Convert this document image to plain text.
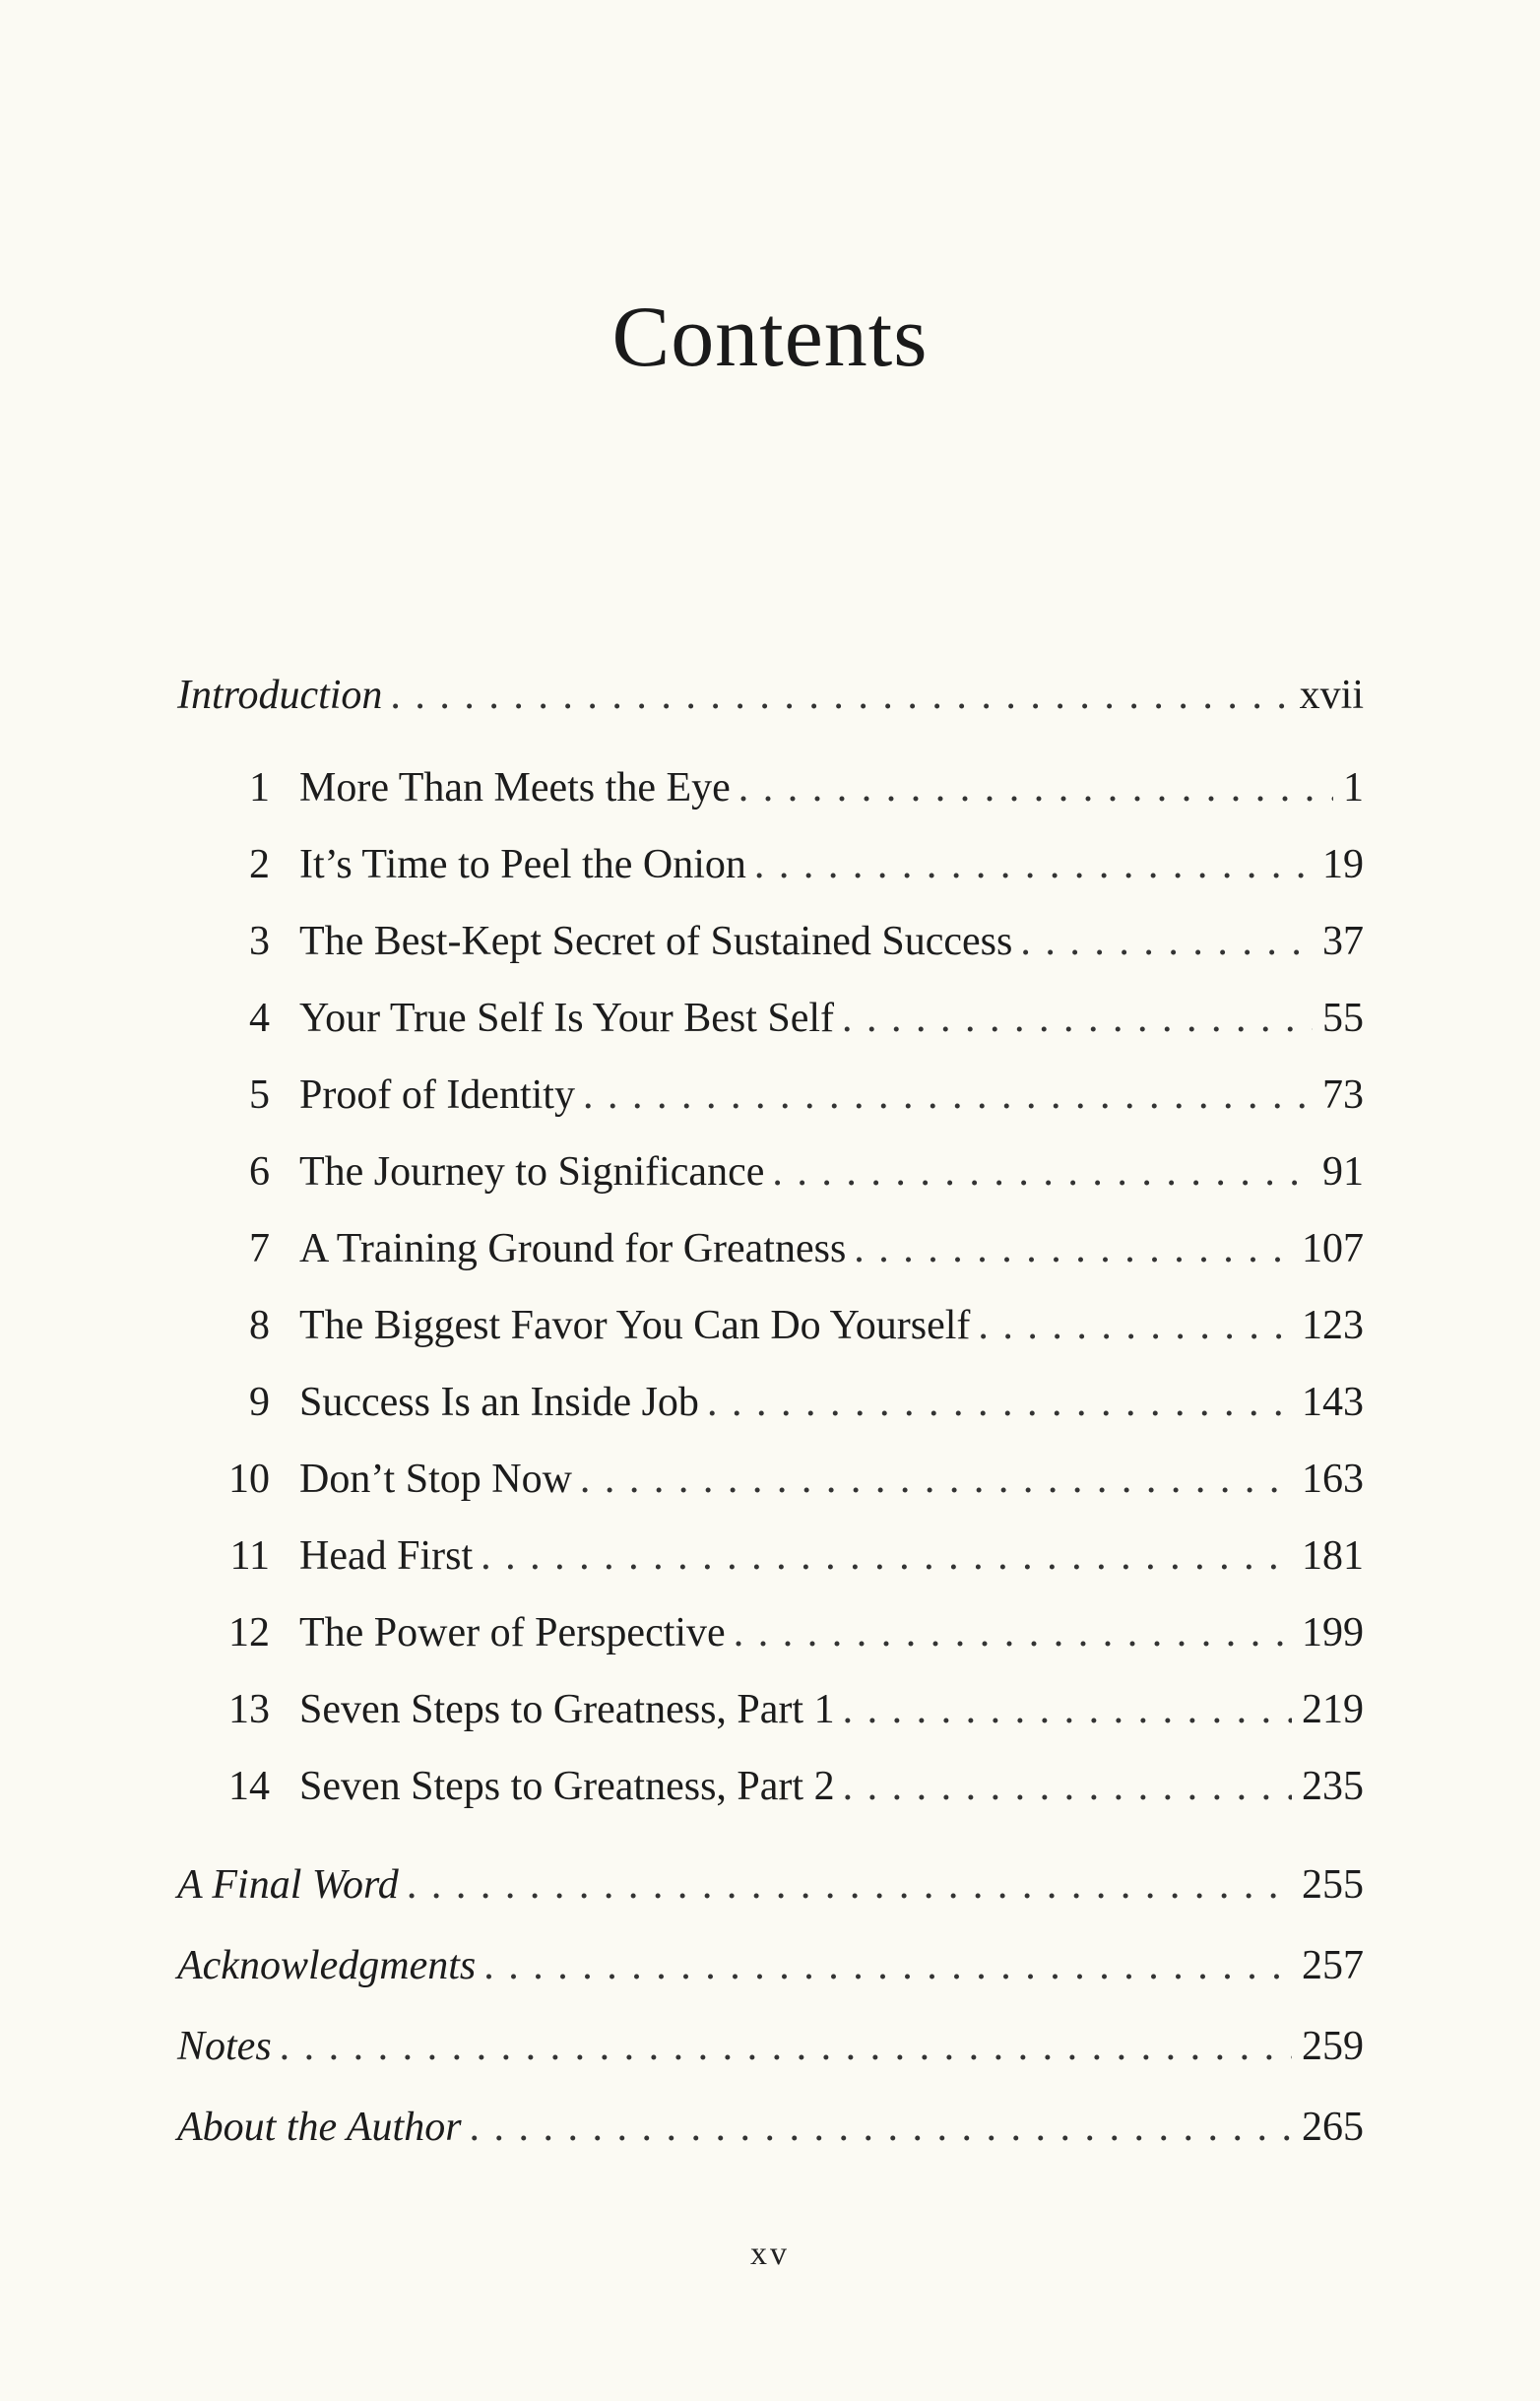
Contents
Introduction . . .	xvii
1 More Than Meets the Eye . . .	1
2 It’s Time to Peel the Onion . . .	19
3 The Best-Kept Secret of Sustained Success . . .	37
4 Your True Self Is Your Best Self . . .	55
5 Proof of Identity . . .	73
6 The Journey to Significance . . .	91
7 A Training Ground for Greatness . . .	107
8 The Biggest Favor You Can Do Yourself . . .	123
9 Success Is an Inside Job . . .	143
10 Don’t Stop Now . . .	163
11 Head First . . .	181
12 The Power of Perspective . . .	199
13 Seven Steps to Greatness, Part 1 . . .	219
14 Seven Steps to Greatness, Part 2 . . .	235
A Final Word . . .	255
Acknowledgments . . .	257
Notes . . .	259
About the Author . . .	265
xv
